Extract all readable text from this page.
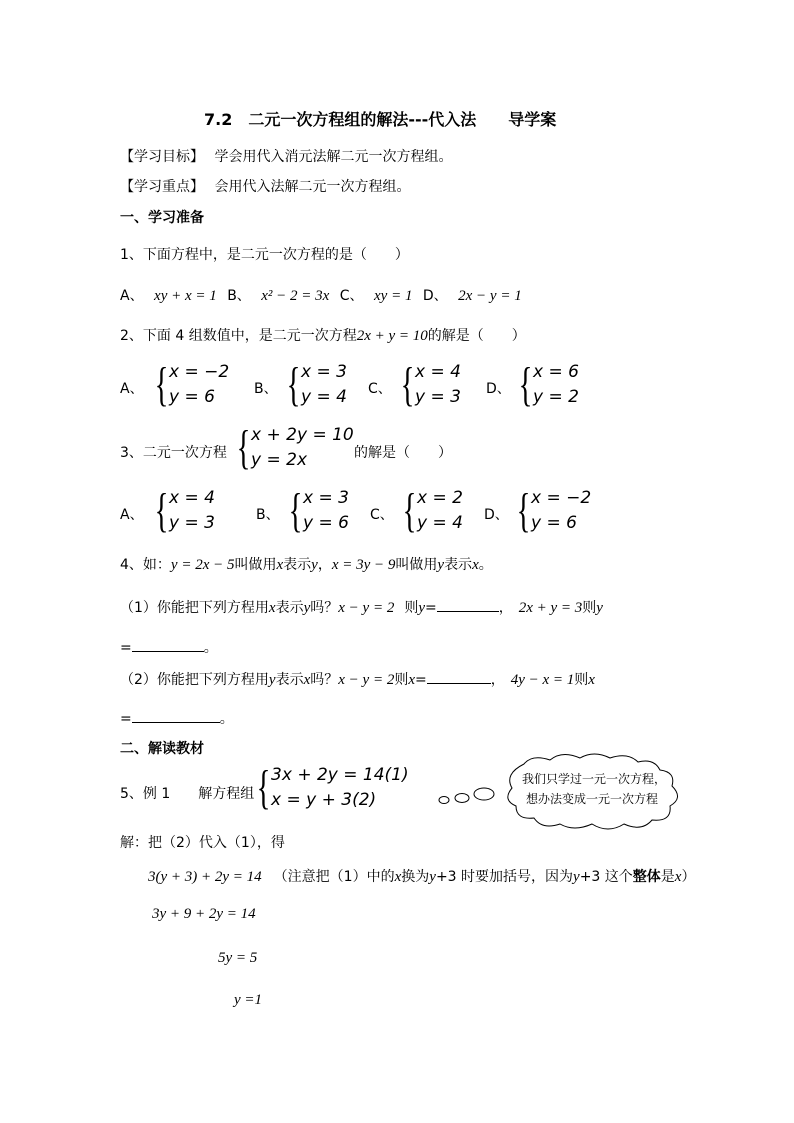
7.2　二元一次方程组的解法---代入法　　导学案
【学习目标】 学会用代入消元法解二元一次方程组。
【学习重点】 会用代入法解二元一次方程组。
一、学习准备
1、下面方程中，是二元一次方程的是（　　）
A、 xy + x = 1 B、 x² − 2 = 3x C、 xy = 1 D、 2x − y = 1
2、下面 4 组数值中，是二元一次方程2x + y = 10的解是（　　）
A、 { x = −2
y = 6	B、 { x = 3
y = 4 C、 { x = 4
y = 3 D、 { x = 6
y = 2
3、二元一次方程 { x + 2y = 10
y = 2x	的解是（　　）
A、 { x = 4
y = 3	B、 { x = 3
y = 6 C、 { x = 2
y = 4 D、 { x = −2
y = 6
4、如：y = 2x − 5叫做用x表示y，x = 3y − 9叫做用y表示x。
（1）你能把下列方程用x表示y吗？x − y = 2 则y=	， 2x + y = 3则y
=	。
（2）你能把下列方程用y表示x吗？x − y = 2则x=	， 4y − x = 1则x
=	。
二、解读教材
5、例 1　　解方程组 { 3x + 2y = 14(1)
x = y + 3(2)
我们只学过一元一次方程，
想办法变成一元一次方程
解：把（2）代入（1），得
3(y + 3) + 2y = 14 （注意把（1）中的x换为y+3 时要加括号，因为y+3 这个整体是x）
3y + 9 + 2y = 14
5y = 5
y =1
